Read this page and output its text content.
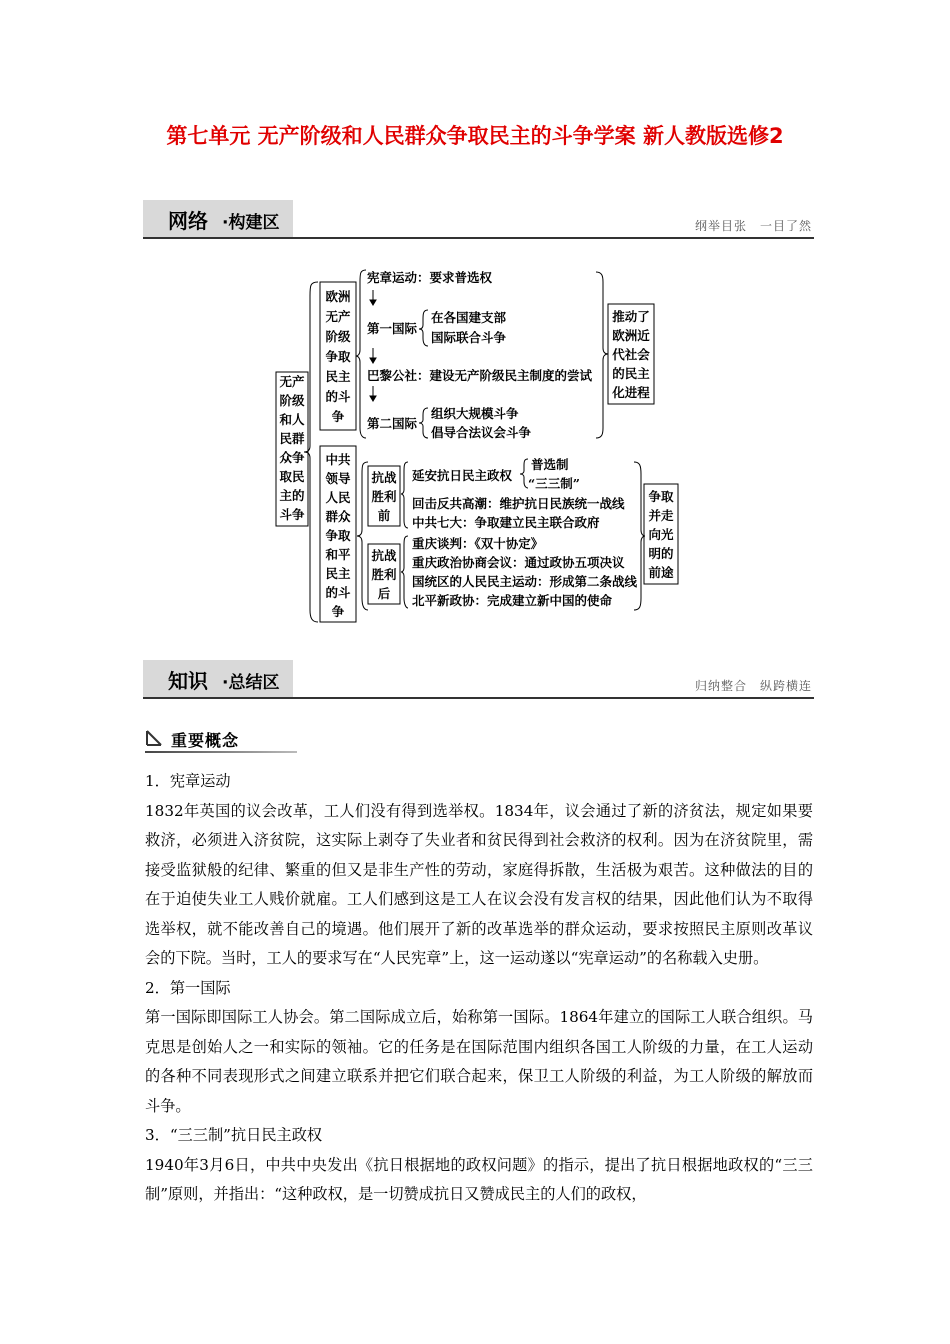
第七单元 无产阶级和人民群众争取民主的斗争学案 新人教版选修2
网络 ·构建区	纲举目张　一目了然
无产
阶级
和人
民群
众争
取民
主的
斗争
欧洲
无产
阶级
争取
民主
的斗
争
宪章运动：要求普选权
第一国际
在各国建支部
国际联合斗争
巴黎公社：建设无产阶级民主制度的尝试
第二国际
组织大规模斗争
倡导合法议会斗争
推动了
欧洲近
代社会
的民主
化进程
中共
领导
人民
群众
争取
和平
民主
的斗
争
抗战
胜利
前
延安抗日民主政权
普选制
“三三制”
回击反共高潮：维护抗日民族统一战线
中共七大：争取建立民主联合政府
抗战
胜利
后
重庆谈判：《双十协定》
重庆政治协商会议：通过政协五项决议
国统区的人民民主运动：形成第二条战线
北平新政协：完成建立新中国的使命
争取
并走
向光
明的
前途
知识 ·总结区	归纳整合　纵跨横连
重要概念

1．宪章运动

1832年英国的议会改革，工人们没有得到选举权。1834年，议会通过了新的济贫法，规定如果要救济，必须进入济贫院，这实际上剥夺了失业者和贫民得到社会救济的权利。因为在济贫院里，需接受监狱般的纪律、繁重的但又是非生产性的劳动，家庭得拆散，生活极为艰苦。这种做法的目的在于迫使失业工人贱价就雇。工人们感到这是工人在议会没有发言权的结果，因此他们认为不取得选举权，就不能改善自己的境遇。他们展开了新的改革选举的群众运动，要求按照民主原则改革议会的下院。当时，工人的要求写在“人民宪章”上，这一运动遂以“宪章运动”的名称载入史册。

2．第一国际

第一国际即国际工人协会。第二国际成立后，始称第一国际。1864年建立的国际工人联合组织。马克思是创始人之一和实际的领袖。它的任务是在国际范围内组织各国工人阶级的力量，在工人运动的各种不同表现形式之间建立联系并把它们联合起来，保卫工人阶级的利益，为工人阶级的解放而斗争。

3．“三三制”抗日民主政权

1940年3月6日，中共中央发出《抗日根据地的政权问题》的指示，提出了抗日根据地政权的“三三制”原则，并指出：“这种政权，是一切赞成抗日又赞成民主的人们的政权，
